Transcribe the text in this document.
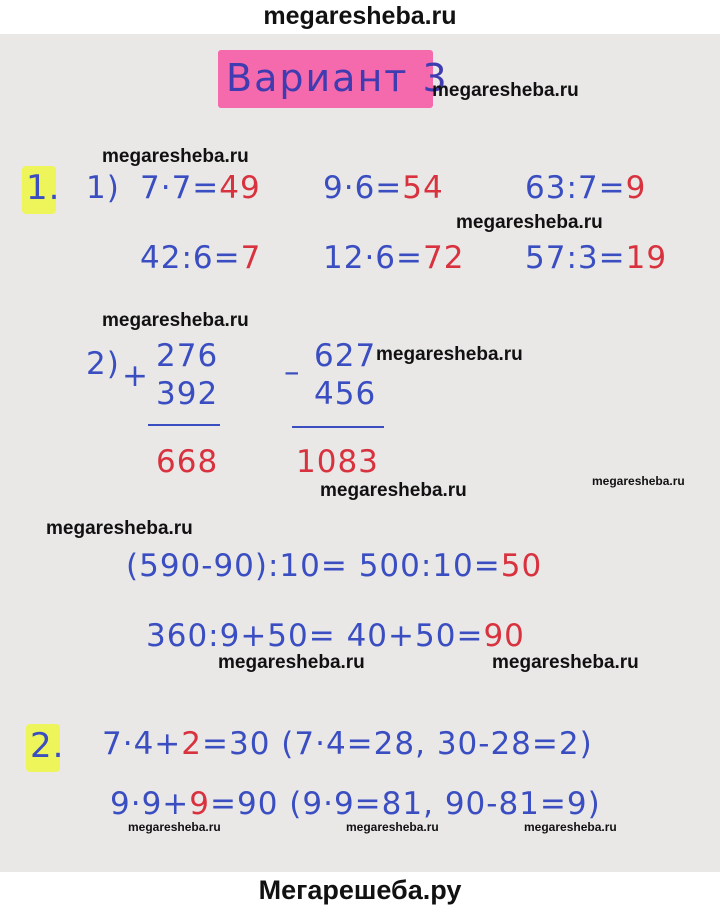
megaresheba.ru
Вариант 3
1. 1) 7·7=49 9·6=54	63:7=9
42:6=7 12·6=72 57:3=19
2) +
276
392
668
– 627
456
1083
(590-90):10= 500:10=50
360:9+50= 40+50=90
2. 7·4+2=30 (7·4=28, 30-28=2)
9·9+9=90 (9·9=81, 90-81=9)
megaresheba.ru
megaresheba.ru
megaresheba.ru
megaresheba.ru
megaresheba.ru
megaresheba.ru	megaresheba.ru
megaresheba.ru
megaresheba.ru	megaresheba.ru
megaresheba.ru	megaresheba.ru	megaresheba.ru
Мегарешеба.ру
